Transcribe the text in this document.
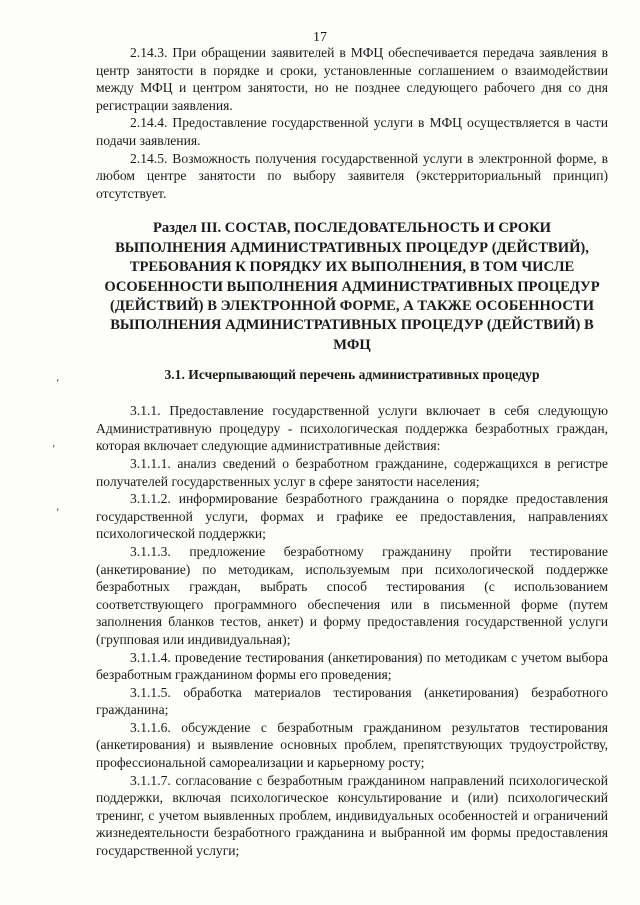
17
‘
’
,

2.14.3. При обращении заявителей в МФЦ обеспечивается передача заявления в центр занятости в порядке и сроки, установленные соглашением о взаимодействии между МФЦ и центром занятости, но не позднее следующего рабочего дня со дня регистрации заявления.

2.14.4. Предоставление государственной услуги в МФЦ осуществляется в части подачи заявления.

2.14.5. Возможность получения государственной услуги в электронной форме, в любом центре занятости по выбору заявителя (экстерриториальный принцип) отсутствует.

Раздел III. СОСТАВ, ПОСЛЕДОВАТЕЛЬНОСТЬ И СРОКИ ВЫПОЛНЕНИЯ АДМИНИСТРАТИВНЫХ ПРОЦЕДУР (ДЕЙСТВИЙ), ТРЕБОВАНИЯ К ПОРЯДКУ ИХ ВЫПОЛНЕНИЯ, В ТОМ ЧИСЛЕ ОСОБЕННОСТИ ВЫПОЛНЕНИЯ АДМИНИСТРАТИВНЫХ ПРОЦЕДУР (ДЕЙСТВИЙ) В ЭЛЕКТРОННОЙ ФОРМЕ, А ТАКЖЕ ОСОБЕННОСТИ ВЫПОЛНЕНИЯ АДМИНИСТРАТИВНЫХ ПРОЦЕДУР (ДЕЙСТВИЙ) В МФЦ
3.1. Исчерпывающий перечень административных процедур

3.1.1. Предоставление государственной услуги включает в себя следующую Административную процедуру - психологическая поддержка безработных граждан, которая включает следующие административные действия:

3.1.1.1. анализ сведений о безработном гражданине, содержащихся в регистре получателей государственных услуг в сфере занятости населения;

3.1.1.2. информирование безработного гражданина о порядке предоставления государственной услуги, формах и графике ее предоставления, направлениях психологической поддержки;

3.1.1.3. предложение безработному гражданину пройти тестирование (анкетирование) по методикам, используемым при психологической поддержке безработных граждан, выбрать способ тестирования (с использованием соответствующего программного обеспечения или в письменной форме (путем заполнения бланков тестов, анкет) и форму предоставления государственной услуги (групповая или индивидуальная);

3.1.1.4. проведение тестирования (анкетирования) по методикам с учетом выбора безработным гражданином формы его проведения;

3.1.1.5. обработка материалов тестирования (анкетирования) безработного гражданина;

3.1.1.6. обсуждение с безработным гражданином результатов тестирования (анкетирования) и выявление основных проблем, препятствующих трудоустройству, профессиональной самореализации и карьерному росту;

3.1.1.7. согласование с безработным гражданином направлений психологической поддержки, включая психологическое консультирование и (или) психологический тренинг, с учетом выявленных проблем, индивидуальных особенностей и ограничений жизнедеятельности безработного гражданина и выбранной им формы предоставления государственной услуги;
